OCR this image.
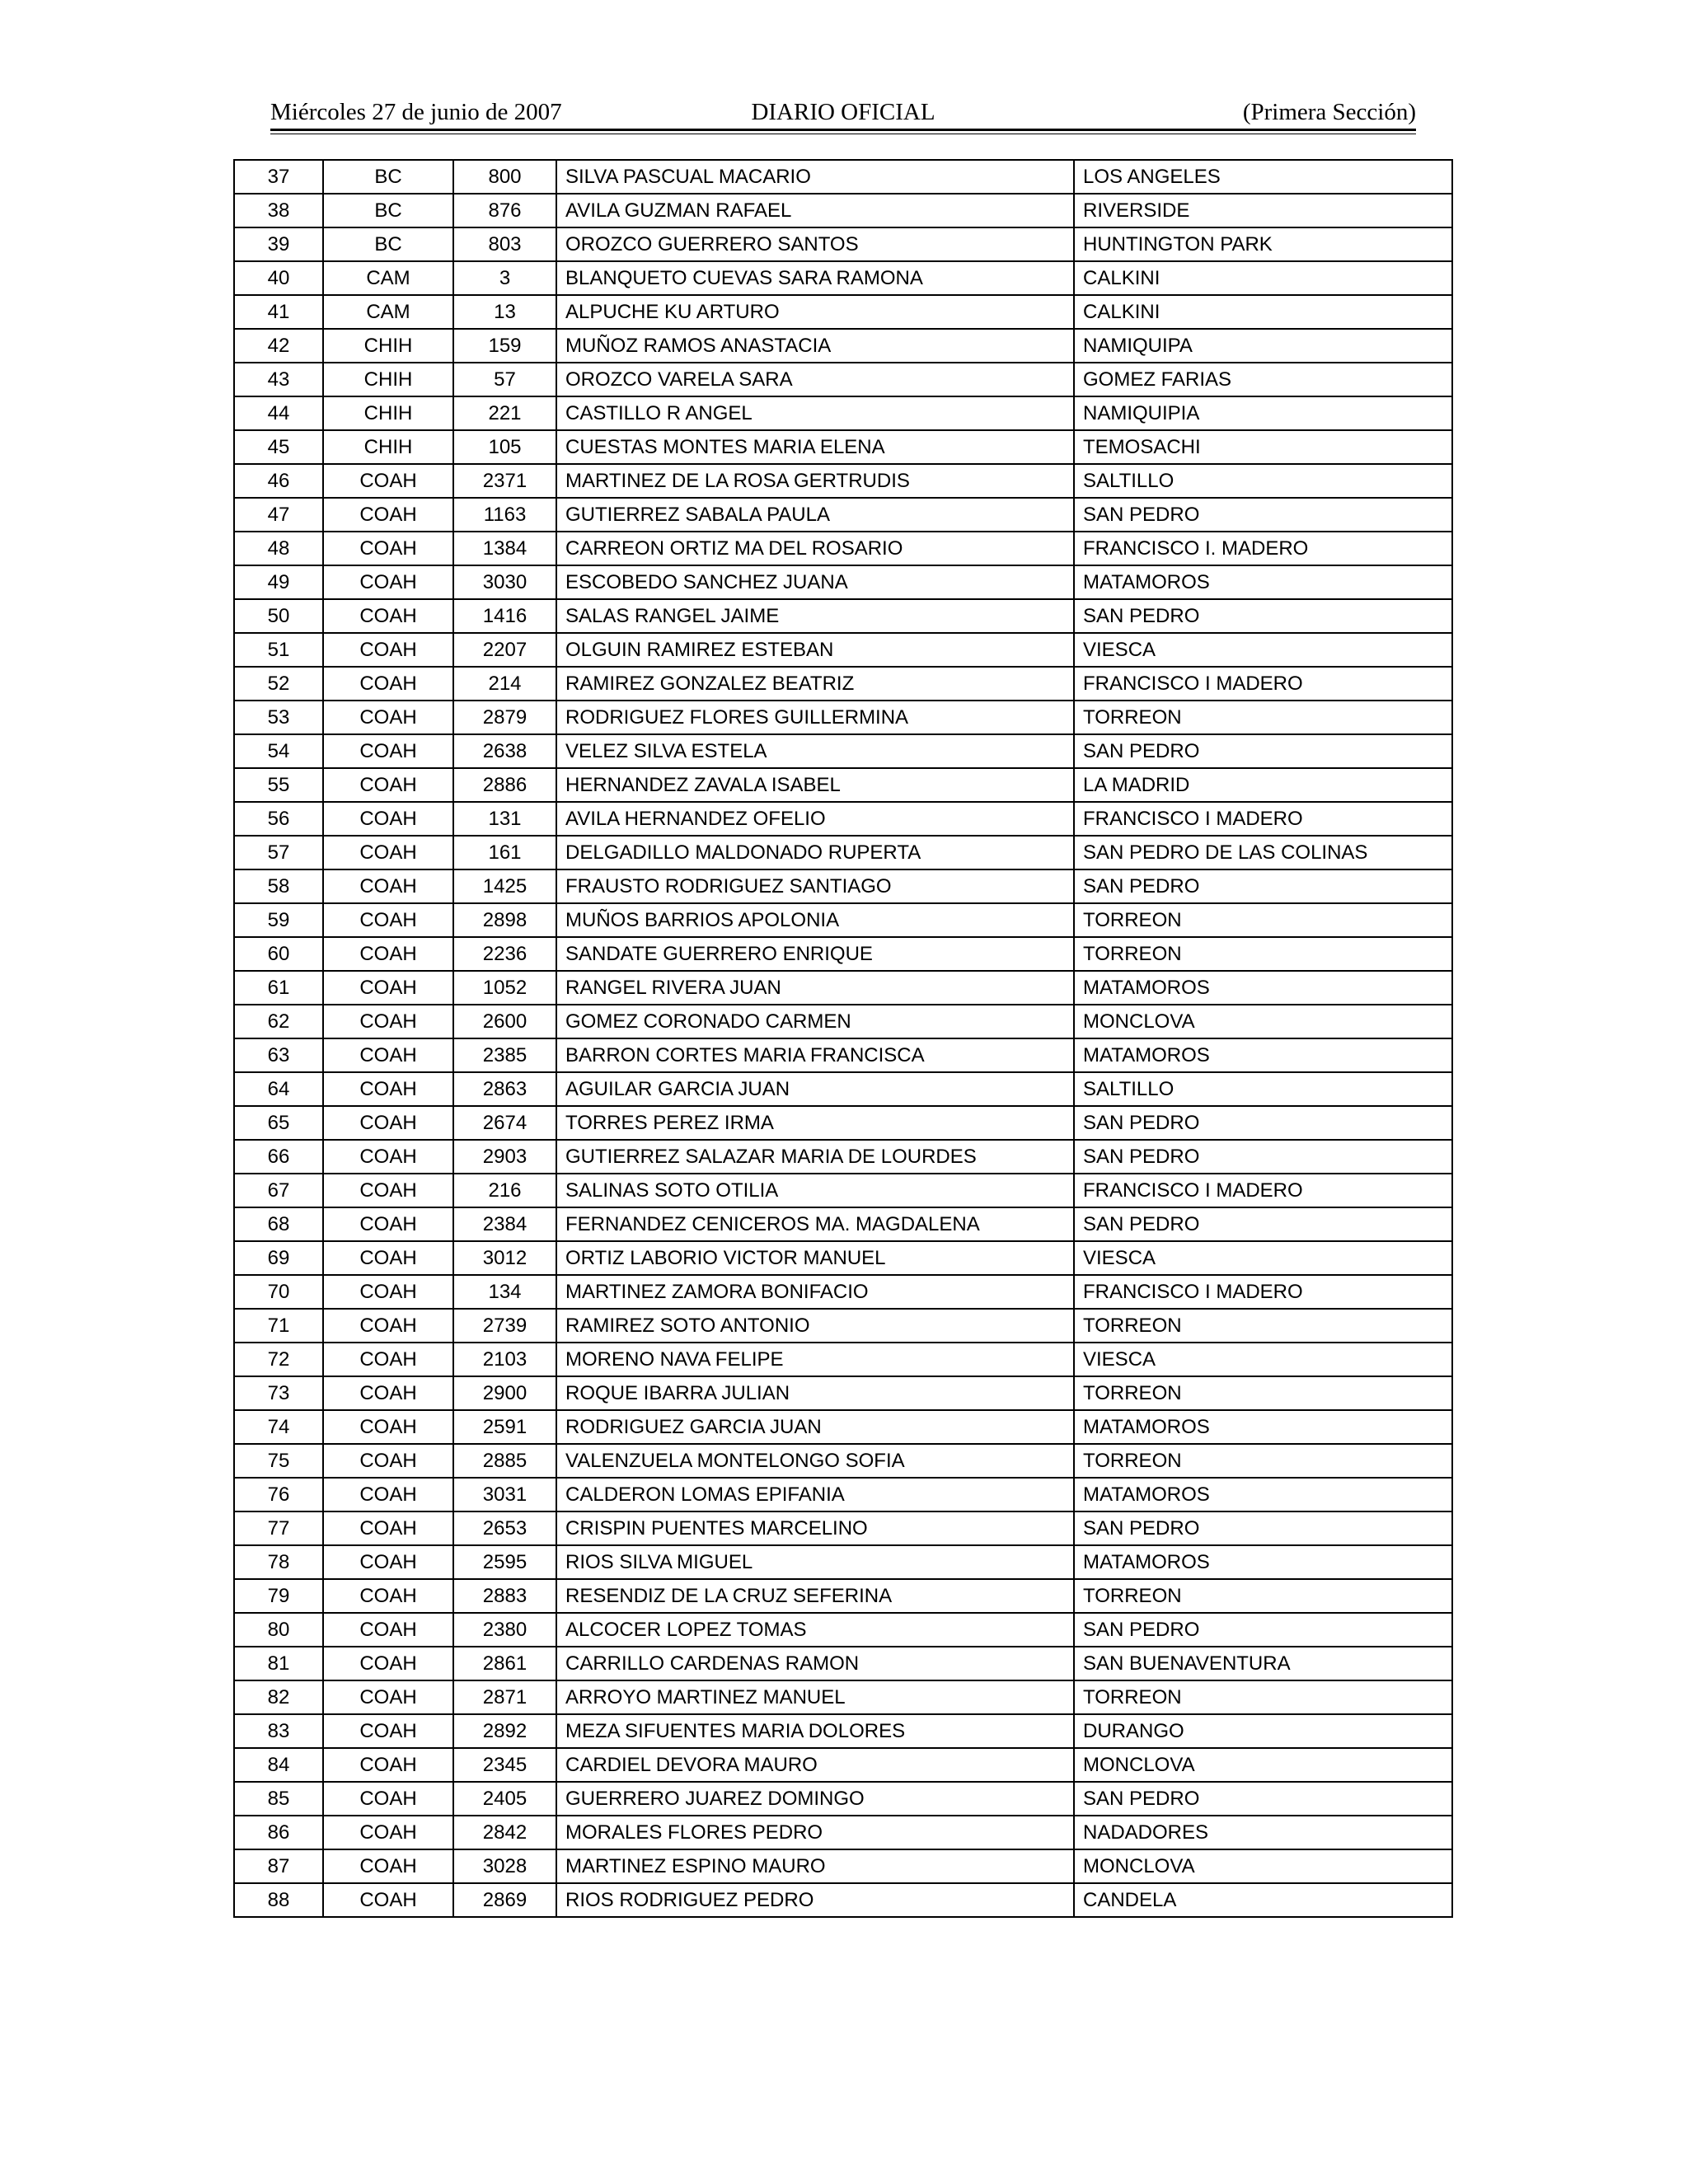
Miércoles 27 de junio de 2007	DIARIO OFICIAL	(Primera Sección)
37	BC	800	SILVA PASCUAL MACARIO	LOS ANGELES
38	BC	876	AVILA GUZMAN RAFAEL	RIVERSIDE
39	BC	803	OROZCO GUERRERO SANTOS	HUNTINGTON PARK
40	CAM	3	BLANQUETO CUEVAS SARA RAMONA	CALKINI
41	CAM	13	ALPUCHE KU ARTURO	CALKINI
42	CHIH	159	MUÑOZ RAMOS ANASTACIA	NAMIQUIPA
43	CHIH	57	OROZCO VARELA SARA	GOMEZ FARIAS
44	CHIH	221	CASTILLO R ANGEL	NAMIQUIPIA
45	CHIH	105	CUESTAS MONTES MARIA ELENA	TEMOSACHI
46	COAH	2371	MARTINEZ DE LA ROSA GERTRUDIS	SALTILLO
47	COAH	1163	GUTIERREZ SABALA PAULA	SAN PEDRO
48	COAH	1384	CARREON ORTIZ MA DEL ROSARIO	FRANCISCO I. MADERO
49	COAH	3030	ESCOBEDO SANCHEZ JUANA	MATAMOROS
50	COAH	1416	SALAS RANGEL JAIME	SAN PEDRO
51	COAH	2207	OLGUIN RAMIREZ ESTEBAN	VIESCA
52	COAH	214	RAMIREZ GONZALEZ BEATRIZ	FRANCISCO I MADERO
53	COAH	2879	RODRIGUEZ FLORES GUILLERMINA	TORREON
54	COAH	2638	VELEZ SILVA ESTELA	SAN PEDRO
55	COAH	2886	HERNANDEZ ZAVALA ISABEL	LA MADRID
56	COAH	131	AVILA HERNANDEZ OFELIO	FRANCISCO I MADERO
57	COAH	161	DELGADILLO MALDONADO RUPERTA	SAN PEDRO DE LAS COLINAS
58	COAH	1425	FRAUSTO RODRIGUEZ SANTIAGO	SAN PEDRO
59	COAH	2898	MUÑOS BARRIOS APOLONIA	TORREON
60	COAH	2236	SANDATE GUERRERO ENRIQUE	TORREON
61	COAH	1052	RANGEL RIVERA JUAN	MATAMOROS
62	COAH	2600	GOMEZ CORONADO CARMEN	MONCLOVA
63	COAH	2385	BARRON CORTES MARIA FRANCISCA	MATAMOROS
64	COAH	2863	AGUILAR GARCIA JUAN	SALTILLO
65	COAH	2674	TORRES PEREZ IRMA	SAN PEDRO
66	COAH	2903	GUTIERREZ SALAZAR MARIA DE LOURDES	SAN PEDRO
67	COAH	216	SALINAS SOTO OTILIA	FRANCISCO I MADERO
68	COAH	2384	FERNANDEZ CENICEROS MA. MAGDALENA	SAN PEDRO
69	COAH	3012	ORTIZ LABORIO VICTOR MANUEL	VIESCA
70	COAH	134	MARTINEZ ZAMORA BONIFACIO	FRANCISCO I MADERO
71	COAH	2739	RAMIREZ SOTO ANTONIO	TORREON
72	COAH	2103	MORENO NAVA FELIPE	VIESCA
73	COAH	2900	ROQUE IBARRA JULIAN	TORREON
74	COAH	2591	RODRIGUEZ GARCIA JUAN	MATAMOROS
75	COAH	2885	VALENZUELA MONTELONGO SOFIA	TORREON
76	COAH	3031	CALDERON LOMAS EPIFANIA	MATAMOROS
77	COAH	2653	CRISPIN PUENTES MARCELINO	SAN PEDRO
78	COAH	2595	RIOS SILVA MIGUEL	MATAMOROS
79	COAH	2883	RESENDIZ DE LA CRUZ SEFERINA	TORREON
80	COAH	2380	ALCOCER LOPEZ TOMAS	SAN PEDRO
81	COAH	2861	CARRILLO CARDENAS RAMON	SAN BUENAVENTURA
82	COAH	2871	ARROYO MARTINEZ MANUEL	TORREON
83	COAH	2892	MEZA SIFUENTES MARIA DOLORES	DURANGO
84	COAH	2345	CARDIEL DEVORA MAURO	MONCLOVA
85	COAH	2405	GUERRERO JUAREZ DOMINGO	SAN PEDRO
86	COAH	2842	MORALES FLORES PEDRO	NADADORES
87	COAH	3028	MARTINEZ ESPINO MAURO	MONCLOVA
88	COAH	2869	RIOS RODRIGUEZ PEDRO	CANDELA
